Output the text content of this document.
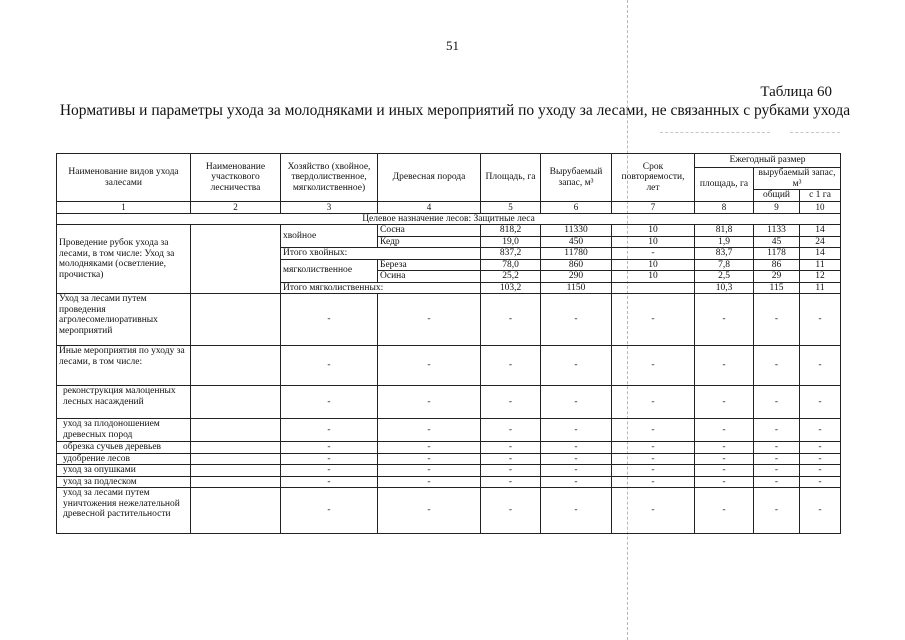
51
Таблица 60
Нормативы и параметры ухода за молодняками и иных мероприятий по уходу за лесами, не связанных с рубками ухода
Наименование видов ухода залесами	Наименование участкового лесничества	Хозяйство (хвойное, твердолиственное, мягколиственное)	Древесная порода	Площадь, га	Вырубаемый запас, м³	Срок повторяемости, лет	Ежегодный размер		
							площадь, га	вырубаемый запас, м³	
								общий	с 1 га
1	2	3	4	5	6	7	8	9	10
Целевое назначение лесов: Защитные леса									
Проведение рубок ухода за лесами, в том числе: Уход за молодняками (осветление, прочистка)		хвойное	Сосна	818,2	11330	10	81,8	1133	14
			Кедр	19,0	450	10	1,9	45	24
		Итого хвойных:		837,2	11780	-	83,7	1178	14
		мягколиственное	Береза	78,0	860	10	7,8	86	11
			Осина	25,2	290	10	2,5	29	12
		Итого мягколиственных:		103,2	1150		10,3	115	11
Уход за лесами путем проведения агролесомелиоративных мероприятий		-	-	-	-	-	-	-	-
Иные мероприятия по уходу за лесами, в том числе:		-	-	-	-	-	-	-	-
реконструкция малоценных лесных насаждений		-	-	-	-	-	-	-	-
уход за плодоношением древесных пород		-	-	-	-	-	-	-	-
обрезка сучьев деревьев		-	-	-	-	-	-	-	-
удобрение лесов		-	-	-	-	-	-	-	-
уход за опушками		-	-	-	-	-	-	-	-
уход за подлеском		-	-	-	-	-	-	-	-
уход за лесами путем уничтожения нежелательной древесной растительности		-	-	-	-	-	-	-	-
